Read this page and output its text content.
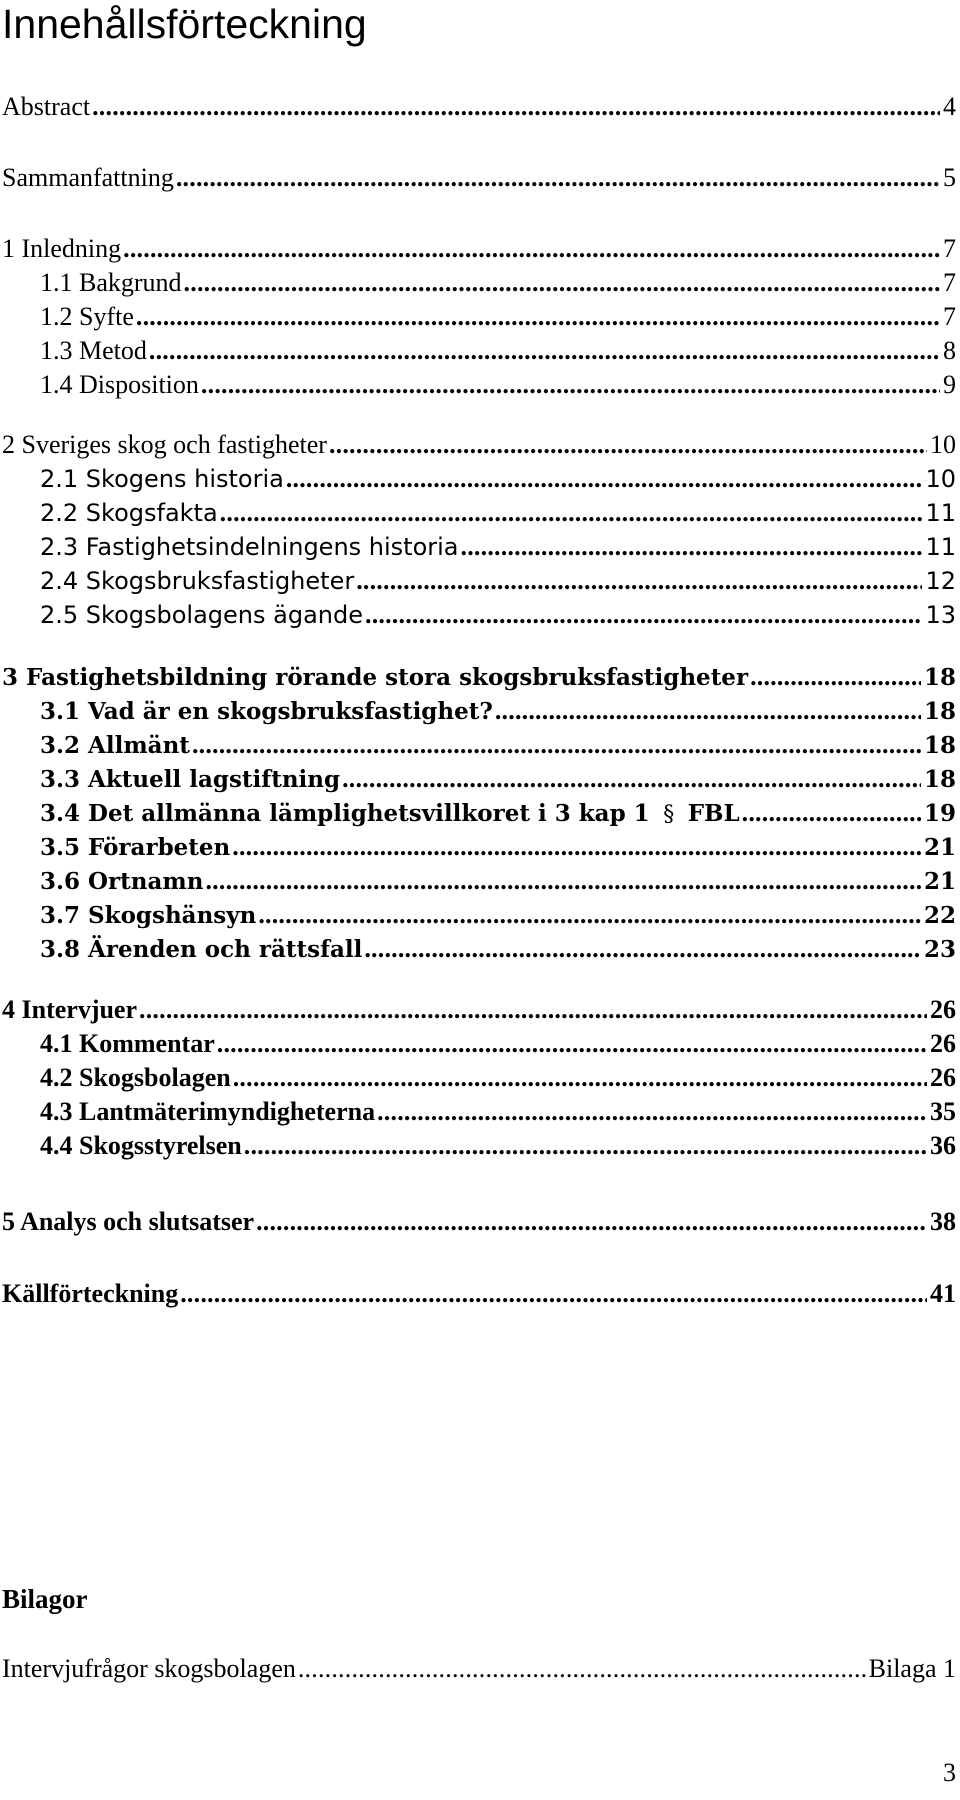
Innehållsförteckning
Abstract .....	4
Sammanfattning .....	5
1 Inledning .....	7
1.1 Bakgrund .....	7
1.2 Syfte .....	7
1.3 Metod .....	8
1.4 Disposition .....	9
2 Sveriges skog och fastigheter .....	10
2.1 Skogens historia .....	10
2.2 Skogsfakta .....	11
2.3 Fastighetsindelningens historia .....	11
2.4 Skogsbruksfastigheter .....	12
2.5 Skogsbolagens ägande .....	13
3 Fastighetsbildning rörande stora skogsbruksfastigheter .....	18
3.1 Vad är en skogsbruksfastighet? .....	18
3.2 Allmänt .....	18
3.3 Aktuell lagstiftning .....	18
3.4 Det allmänna lämplighetsvillkoret i 3 kap 1 § FBL .....	19
3.5 Förarbeten .....	21
3.6 Ortnamn .....	21
3.7 Skogshänsyn .....	22
3.8 Ärenden och rättsfall .....	23
4 Intervjuer .....	26
4.1 Kommentar .....	26
4.2 Skogsbolagen .....	26
4.3 Lantmäterimyndigheterna .....	35
4.4 Skogsstyrelsen .....	36
5 Analys och slutsatser .....	38
Källförteckning .....	41
Bilagor
Intervjufrågor skogsbolagen .....	Bilaga 1
3
